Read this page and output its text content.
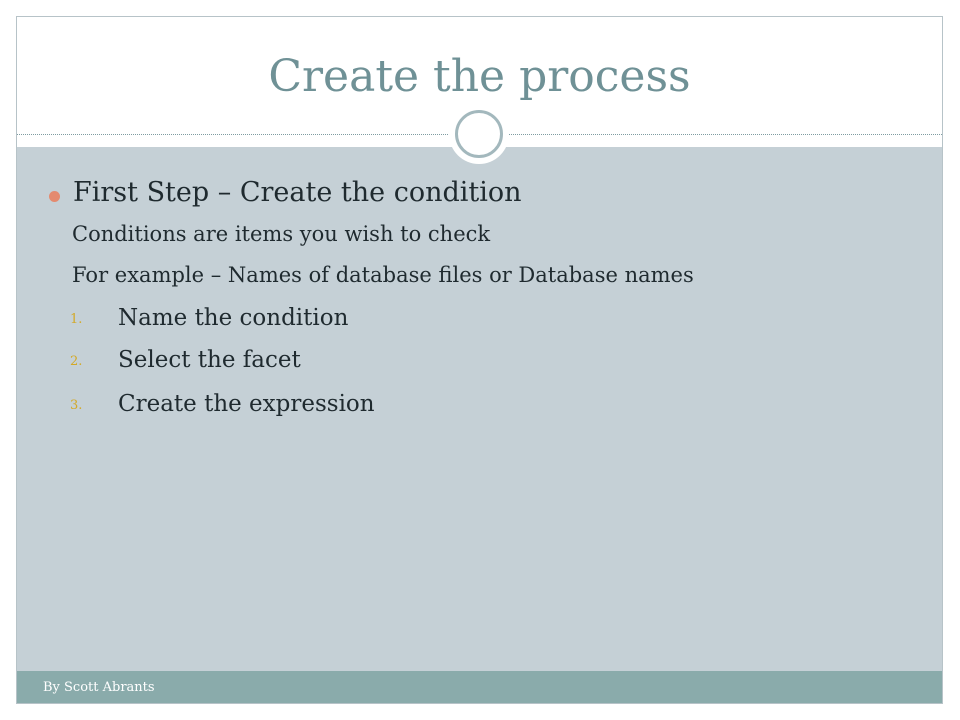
Create the process
First Step – Create the condition
Conditions are items you wish to check
For example – Names of database files or Database names
1. Name the condition
2. Select the facet
3. Create the expression
By Scott Abrants
